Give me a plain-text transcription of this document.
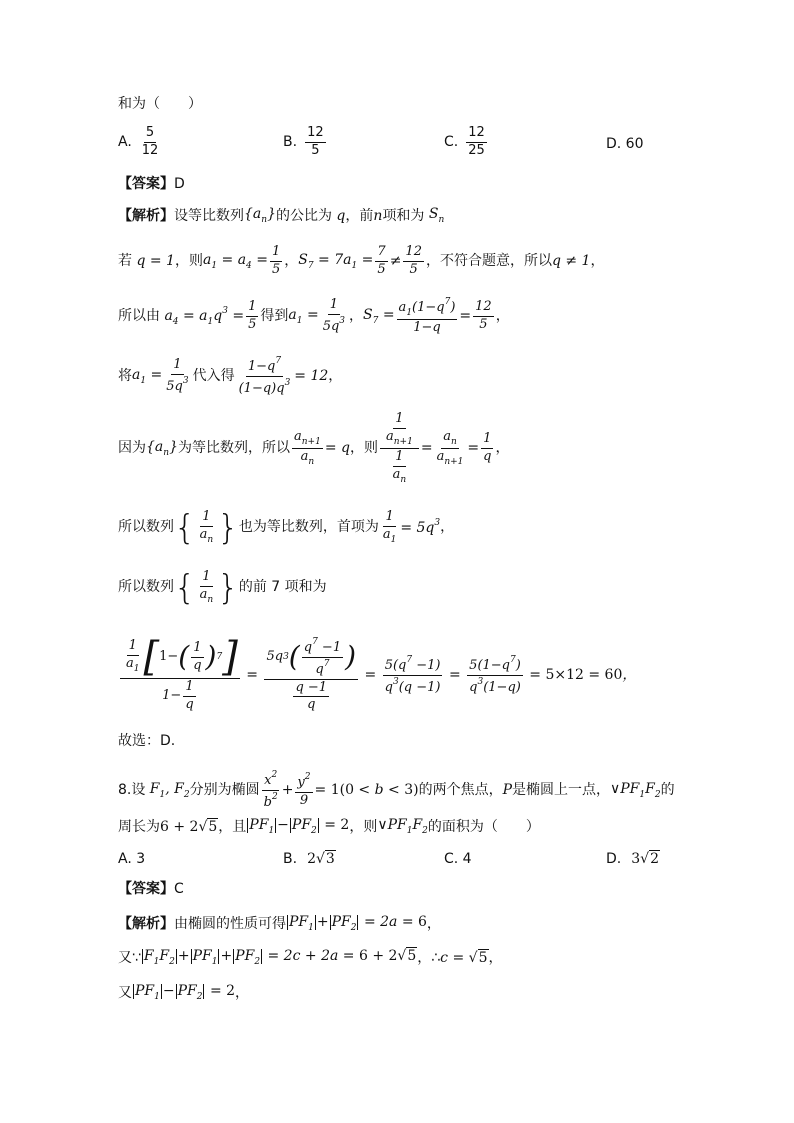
和为（　　）
A. $\frac{5}{12}$	B. $\frac{12}{5}$	C. $\frac{12}{25}$	D. 60
【答案】 D
【解析】 设等比数列 $\{a_n\}$ 的公比为 q ，前 n 项和为 $S_n$
若 q = 1 ，则 $a_1 = a_4 = \frac{1}{5}$ ， $S_7 = 7a_1 = \frac{7}{5} \ne \frac{12}{5}$ ，不符合题意，所以 q ≠ 1 ，
所以由 $a_4 = a_1q^3 = \frac{1}{5}$ 得到 $a_1 = \frac{1}{5q^3}$ ， $S_7 = \frac{a_1(1-q^7)}{1-q} = \frac{12}{5}$ ，
将 $a_1 = \frac{1}{5q^3}$ 代入得 $\frac{1-q^7}{(1-q)q^3} = 12$ ，
因为 $\{a_n\}$ 为等比数列，所以 $\frac{a_{n+1}}{a_n} = q$ ，则 $\frac{\frac{1}{a_{n+1}}}{\frac{1}{a_n}} = \frac{a_n}{a_{n+1}} = \frac{1}{q}$ ，
所以数列 { $\frac{1}{a_n}$ } 也为等比数列，首项为 $\frac{1}{a_1} = 5q^3$ ，
所以数列 { $\frac{1}{a_n}$ } 的前 7 项和为
$\frac{\frac{1}{a_1} [ 1- ( \frac{1}{q} ) 7 ]}{1- \frac{1}{q}} = \frac{5q 3 ( \frac{q^7 -1}{q^7} )}{\frac{q -1}{q}} = \frac{5(q^7 -1)}{q^3(q -1)} = \frac{5(1-q^7)}{q^3(1-q)} = 5\times 12 = 60$ ，
故选：D.
8. 设 $F_1$, $F_2$ 分别为椭圆 $\frac{x^2}{b^2} + \frac{y^2}{9} = 1(0 < b < 3)$ 的两个焦点， P 是椭圆上一点， $\vee PF_1F_2$ 的
周长为 6 + 2√5 ，且 $PF_1 - PF_2 = 2$ ，则 $\vee PF_1F_2$ 的面积为（　　）
A. 3	B. 2√3	C. 4	D. 3√2
【答案】 C
【解析】 由椭圆的性质可得 $PF_1 + PF_2 = 2a = 6$ ，
又∵ $F_1F_2 + PF_1 + PF_2 = 2c + 2a = 6 + 2√5$ ，∴ c = √5 ，
又 $PF_1 - PF_2 = 2$ ，
